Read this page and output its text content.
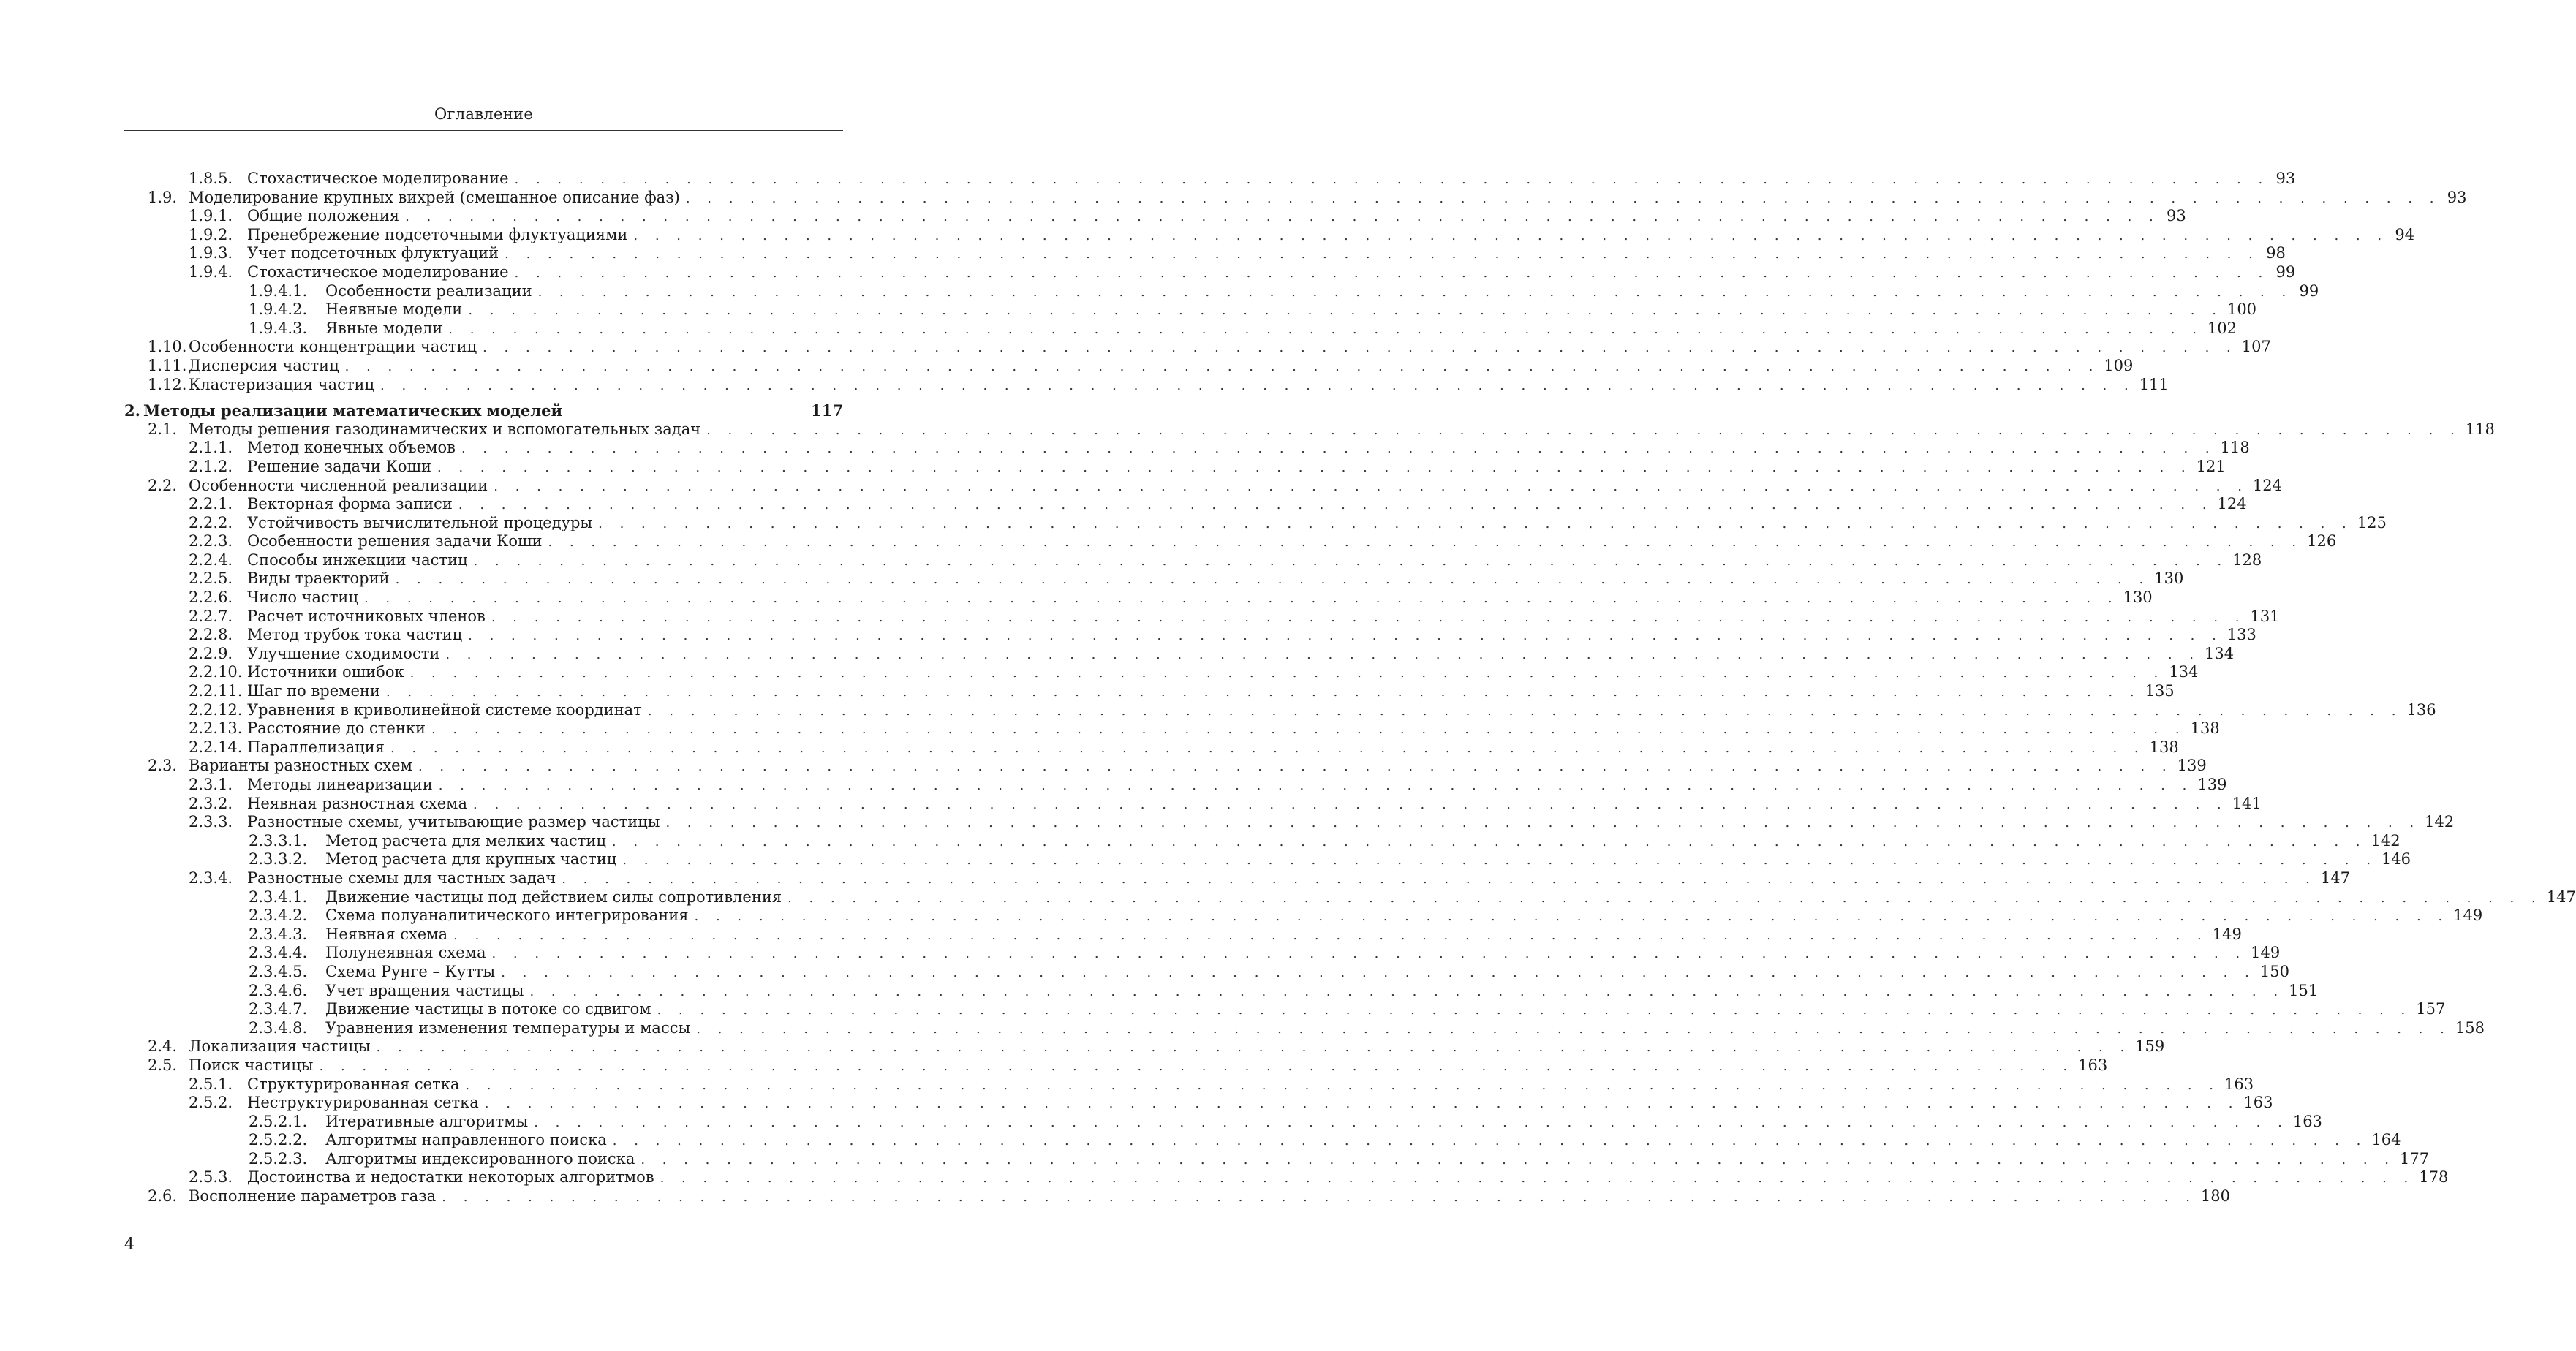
Оглавление
1.8.5. Стохастическое моделирование . . .	93
1.9. Моделирование крупных вихрей (смешанное описание фаз) . . .	93
1.9.1. Общие положения . . .	93
1.9.2. Пренебрежение подсеточными флуктуациями . . .	94
1.9.3. Учет подсеточных флуктуаций . . .	98
1.9.4. Стохастическое моделирование . . .	99
1.9.4.1.	Особенности реализации . . .	99
1.9.4.2.	Неявные модели . . .	100
1.9.4.3.	Явные модели . . .	102
1.10. Особенности концентрации частиц . . .	107
1.11. Дисперсия частиц . . .	109
1.12. Кластеризация частиц . . .	111
2. Методы реализации математических моделей	117
2.1. Методы решения газодинамических и вспомогательных задач . . .	118
2.1.1. Метод конечных объемов . . .	118
2.1.2. Решение задачи Коши . . .	121
2.2. Особенности численной реализации . . .	124
2.2.1. Векторная форма записи . . .	124
2.2.2. Устойчивость вычислительной процедуры . . .	125
2.2.3. Особенности решения задачи Коши . . .	126
2.2.4. Способы инжекции частиц . . .	128
2.2.5. Виды траекторий . . .	130
2.2.6. Число частиц . . .	130
2.2.7. Расчет источниковых членов . . .	131
2.2.8. Метод трубок тока частиц . . .	133
2.2.9. Улучшение сходимости . . .	134
2.2.10. Источники ошибок . . .	134
2.2.11. Шаг по времени . . .	135
2.2.12. Уравнения в криволинейной системе координат . . .	136
2.2.13. Расстояние до стенки . . .	138
2.2.14. Параллелизация . . .	138
2.3. Варианты разностных схем . . .	139
2.3.1. Методы линеаризации . . .	139
2.3.2. Неявная разностная схема . . .	141
2.3.3. Разностные схемы, учитывающие размер частицы . . .	142
2.3.3.1.	Метод расчета для мелких частиц . . .	142
2.3.3.2.	Метод расчета для крупных частиц . . .	146
2.3.4. Разностные схемы для частных задач . . .	147
2.3.4.1.	Движение частицы под действием силы сопротивления . . .	147
2.3.4.2.	Схема полуаналитического интегрирования . . .	149
2.3.4.3.	Неявная схема . . .	149
2.3.4.4.	Полунеявная схема . . .	149
2.3.4.5.	Схема Рунге – Кутты . . .	150
2.3.4.6.	Учет вращения частицы . . .	151
2.3.4.7.	Движение частицы в потоке со сдвигом . . .	157
2.3.4.8.	Уравнения изменения температуры и массы . . .	158
2.4. Локализация частицы . . .	159
2.5. Поиск частицы . . .	163
2.5.1. Структурированная сетка . . .	163
2.5.2. Неструктурированная сетка . . .	163
2.5.2.1.	Итеративные алгоритмы . . .	163
2.5.2.2.	Алгоритмы направленного поиска . . .	164
2.5.2.3.	Алгоритмы индексированного поиска . . .	177
2.5.3. Достоинства и недостатки некоторых алгоритмов . . .	178
2.6. Восполнение параметров газа . . .	180
4
